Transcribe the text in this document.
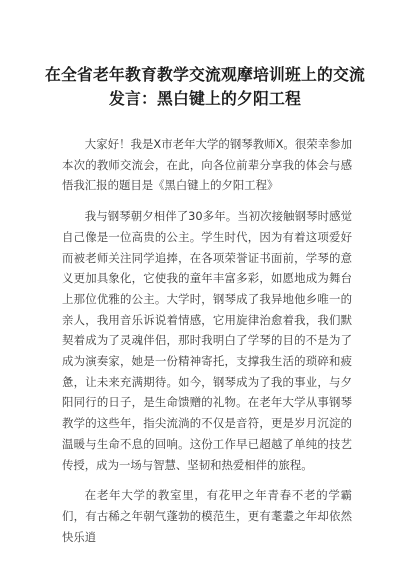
在全省老年教育教学交流观摩培训班上的交流发言：黑白键上的夕阳工程

大家好！我是X市老年大学的钢琴教师X。很荣幸参加本次的教师交流会，在此，向各位前辈分享我的体会与感悟我汇报的题目是《黑白键上的夕阳工程》

我与钢琴朝夕相伴了30多年。当初次接触钢琴时感觉自己像是一位高贵的公主。学生时代，因为有着这项爱好而被老师关注同学追捧，在各项荣誉证书面前，学琴的意义更加具象化，它使我的童年丰富多彩，如愿地成为舞台上那位优雅的公主。大学时，钢琴成了我异地他乡唯一的亲人，我用音乐诉说着情感，它用旋律治愈着我，我们默契着成为了灵魂伴侣，那时我明白了学琴的目的不是为了成为演奏家，她是一份精神寄托，支撑我生活的琐碎和疲惫，让未来充满期待。如今，钢琴成为了我的事业，与夕阳同行的日子，是生命馈赠的礼物。在老年大学从事钢琴教学的这些年，指尖流淌的不仅是音符，更是岁月沉淀的温暖与生命不息的回响。这份工作早已超越了单纯的技艺传授，成为一场与智慧、坚韧和热爱相伴的旅程。

在老年大学的教室里，有花甲之年青春不老的学霸们，有古稀之年朝气蓬勃的模范生，更有耄耋之年却依然快乐逍
